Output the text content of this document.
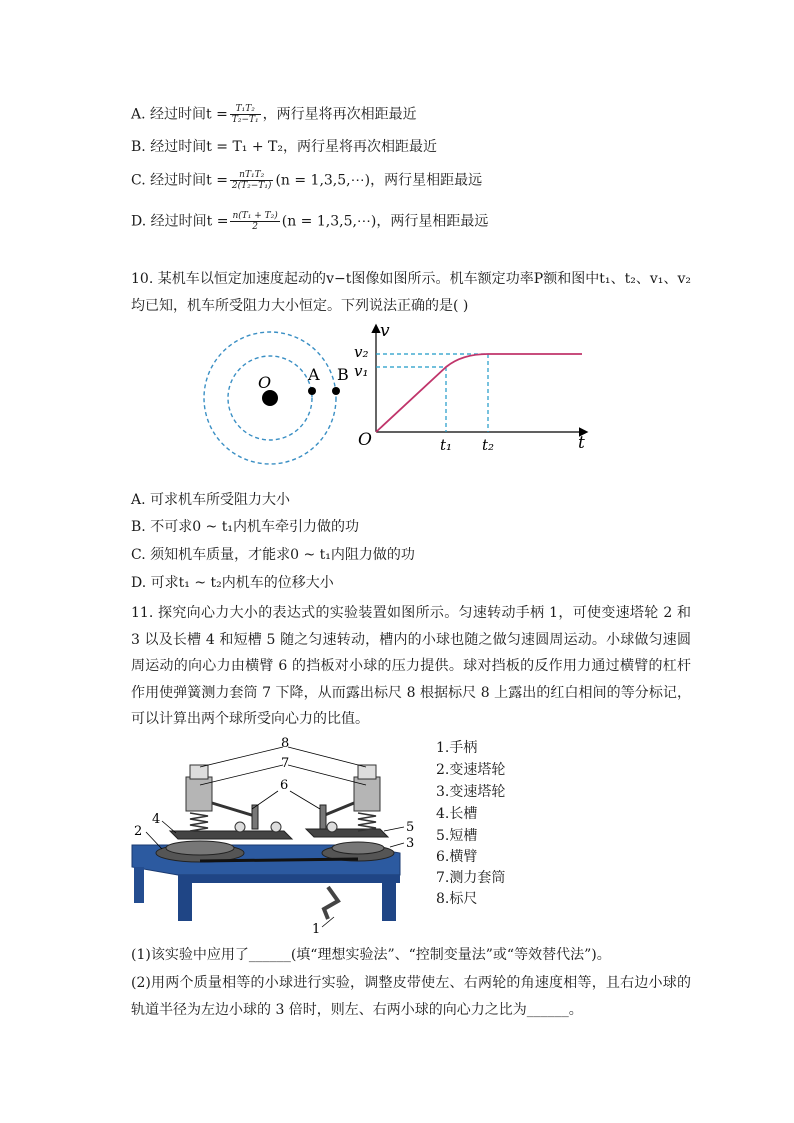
A. 经过时间$t = \frac{\text{T₁T₂}}{\text{T₂−T₁}}$ ，两行星将再次相距最近
B. 经过时间t = T₁ + T₂，两行星将再次相距最近
C. 经过时间$t = \frac{\text{nT₁T₂}}{\text{2(T₂−T₁)}} (n$ = 1,3,5,⋯)，两行星相距最远
D. 经过时间$t = \frac{\text{n(T₁ + T₂)}}{2} (n$ = 1,3,5,⋯)，两行星相距最远
10. 某机车以恒定加速度起动的v−t图像如图所示。机车额定功率P额和图中t₁、t₂、v₁、v₂均已知，机车所受阻力大小恒定。下列说法正确的是( )
O A B
v
v₂
v₁
O	t₁ t₂	t
A. 可求机车所受阻力大小
B. 不可求0 ~ t₁内机车牵引力做的功
C. 须知机车质量，才能求0 ~ t₁内阻力做的功
D. 可求t₁ ~ t₂内机车的位移大小
11. 探究向心力大小的表达式的实验装置如图所示。匀速转动手柄 1，可使变速塔轮 2 和 3 以及长槽 4 和短槽 5 随之匀速转动，槽内的小球也随之做匀速圆周运动。小球做匀速圆周运动的向心力由横臂 6 的挡板对小球的压力提供。球对挡板的反作用力通过横臂的杠杆作用使弹簧测力套筒 7 下降，从而露出标尺 8 根据标尺 8 上露出的红白相间的等分标记，可以计算出两个球所受向心力的比值。
8
7
6
4
2	5
3
1
1.手柄
2.变速塔轮
3.变速塔轮
4.长槽
5.短槽
6.横臂
7.测力套筒
8.标尺
(1)该实验中应用了______(填“理想实验法”、“控制变量法”或“等效替代法”)。
(2)用两个质量相等的小球进行实验，调整皮带使左、右两轮的角速度相等，且右边小球的轨道半径为左边小球的 3 倍时，则左、右两小球的向心力之比为______。
